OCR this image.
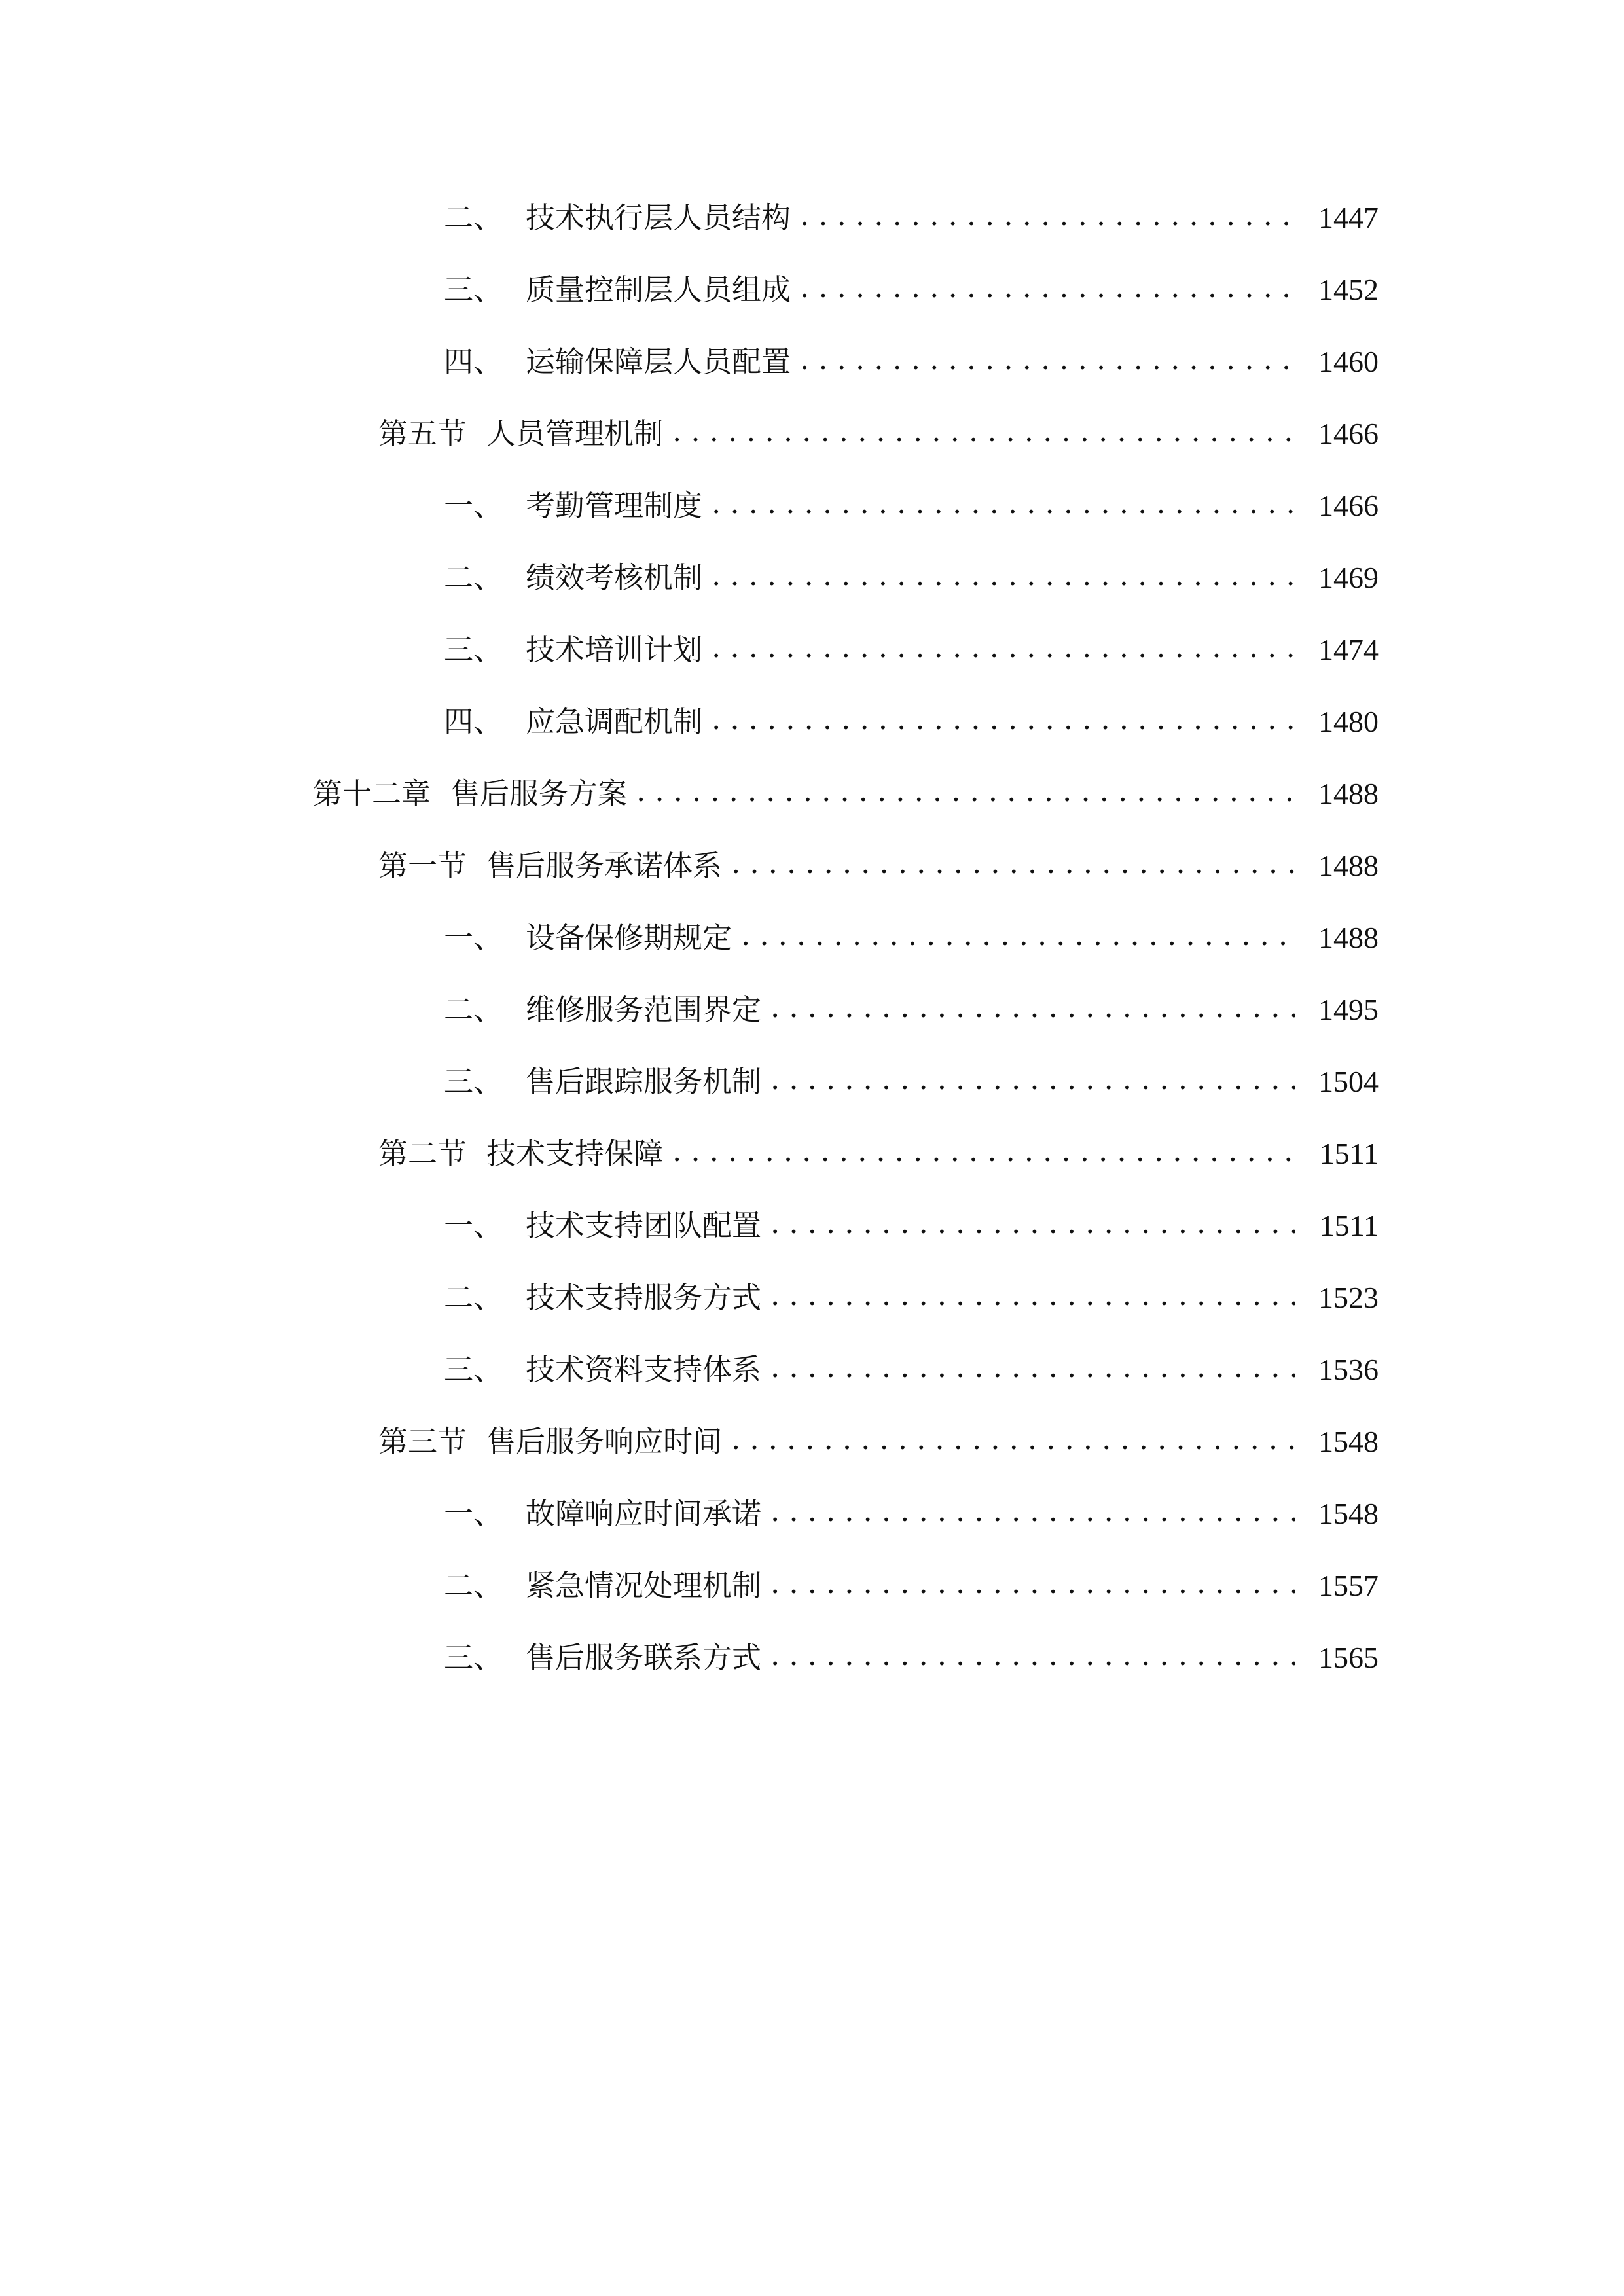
二、 技术执行层人员结构 .....	1447
三、 质量控制层人员组成 .....	1452
四、 运输保障层人员配置 .....	1460
第五节 人员管理机制 .....	1466
一、 考勤管理制度 .....	1466
二、 绩效考核机制 .....	1469
三、 技术培训计划 .....	1474
四、 应急调配机制 .....	1480
第十二章 售后服务方案 .....	1488
第一节 售后服务承诺体系 .....	1488
一、 设备保修期规定 .....	1488
二、 维修服务范围界定 .....	1495
三、 售后跟踪服务机制 .....	1504
第二节 技术支持保障 .....	1511
一、 技术支持团队配置 .....	1511
二、 技术支持服务方式 .....	1523
三、 技术资料支持体系 .....	1536
第三节 售后服务响应时间 .....	1548
一、 故障响应时间承诺 .....	1548
二、 紧急情况处理机制 .....	1557
三、 售后服务联系方式 .....	1565
